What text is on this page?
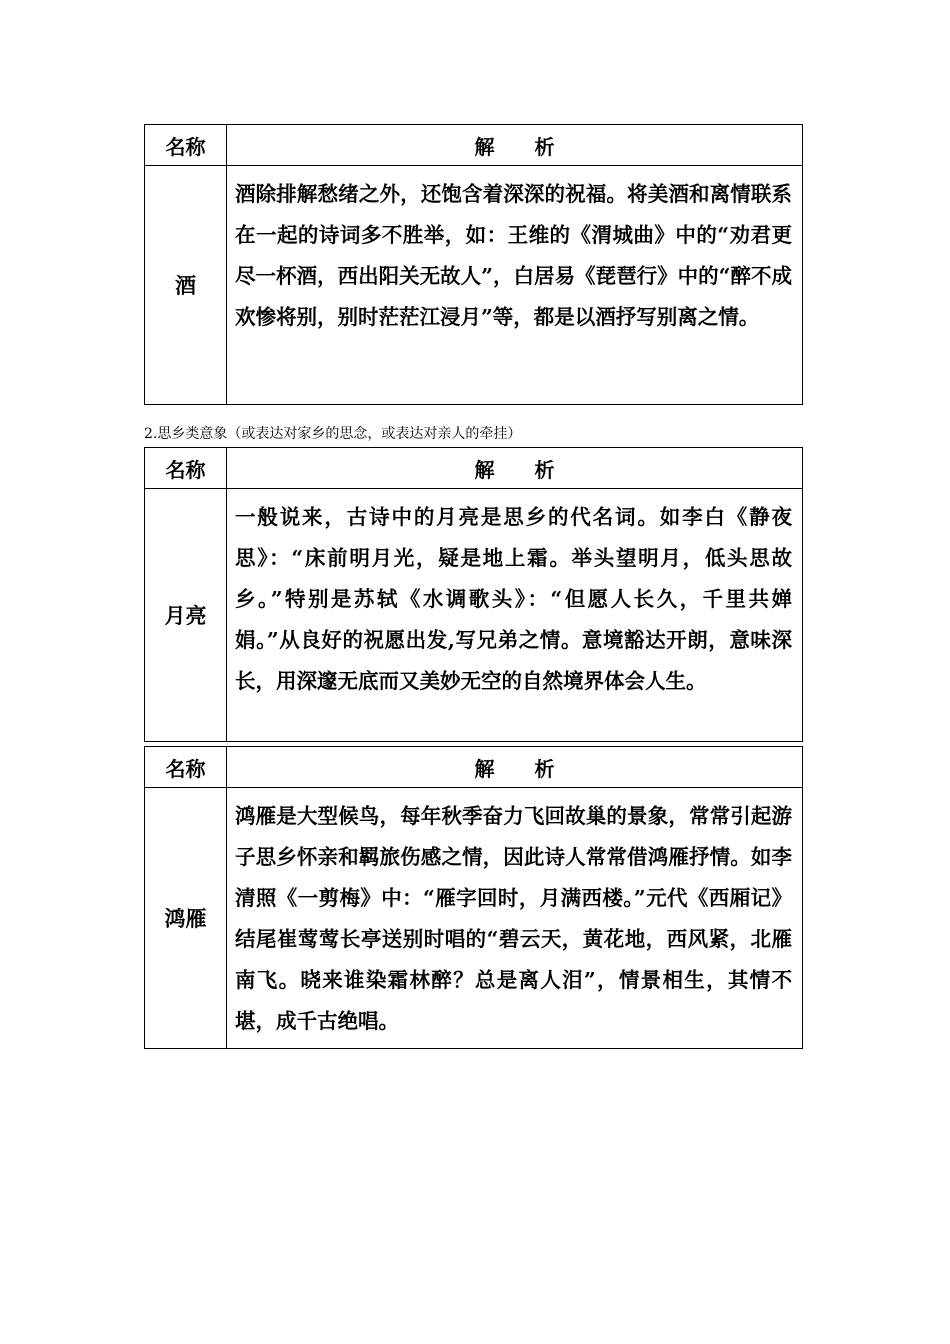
名称	解　　析
酒	酒除排解愁绪之外，还饱含着深深的祝福。将美酒和离情联系在一起的诗词多不胜举，如：王维的《渭城曲》中的“劝君更尽一杯酒，西出阳关无故人”，白居易《琵琶行》中的“醉不成欢惨将别，别时茫茫江浸月”等，都是以酒抒写别离之情。
2.思乡类意象（或表达对家乡的思念，或表达对亲人的牵挂）
名称	解　　析
月亮	一般说来，古诗中的月亮是思乡的代名词。如李白《静夜思》：“床前明月光，疑是地上霜。举头望明月，低头思故乡。”特别是苏轼《水调歌头》：“但愿人长久，千里共婵娟。”从良好的祝愿出发,写兄弟之情。意境豁达开朗，意味深长，用深邃无底而又美妙无空的自然境界体会人生。
名称	解　　析
鸿雁	鸿雁是大型候鸟，每年秋季奋力飞回故巢的景象，常常引起游子思乡怀亲和羁旅伤感之情，因此诗人常常借鸿雁抒情。如李清照《一剪梅》中：“雁字回时，月满西楼。”元代《西厢记》结尾崔莺莺长亭送别时唱的“碧云天，黄花地，西风紧，北雁南飞。晓来谁染霜林醉？总是离人泪”，情景相生，其情不堪，成千古绝唱。
